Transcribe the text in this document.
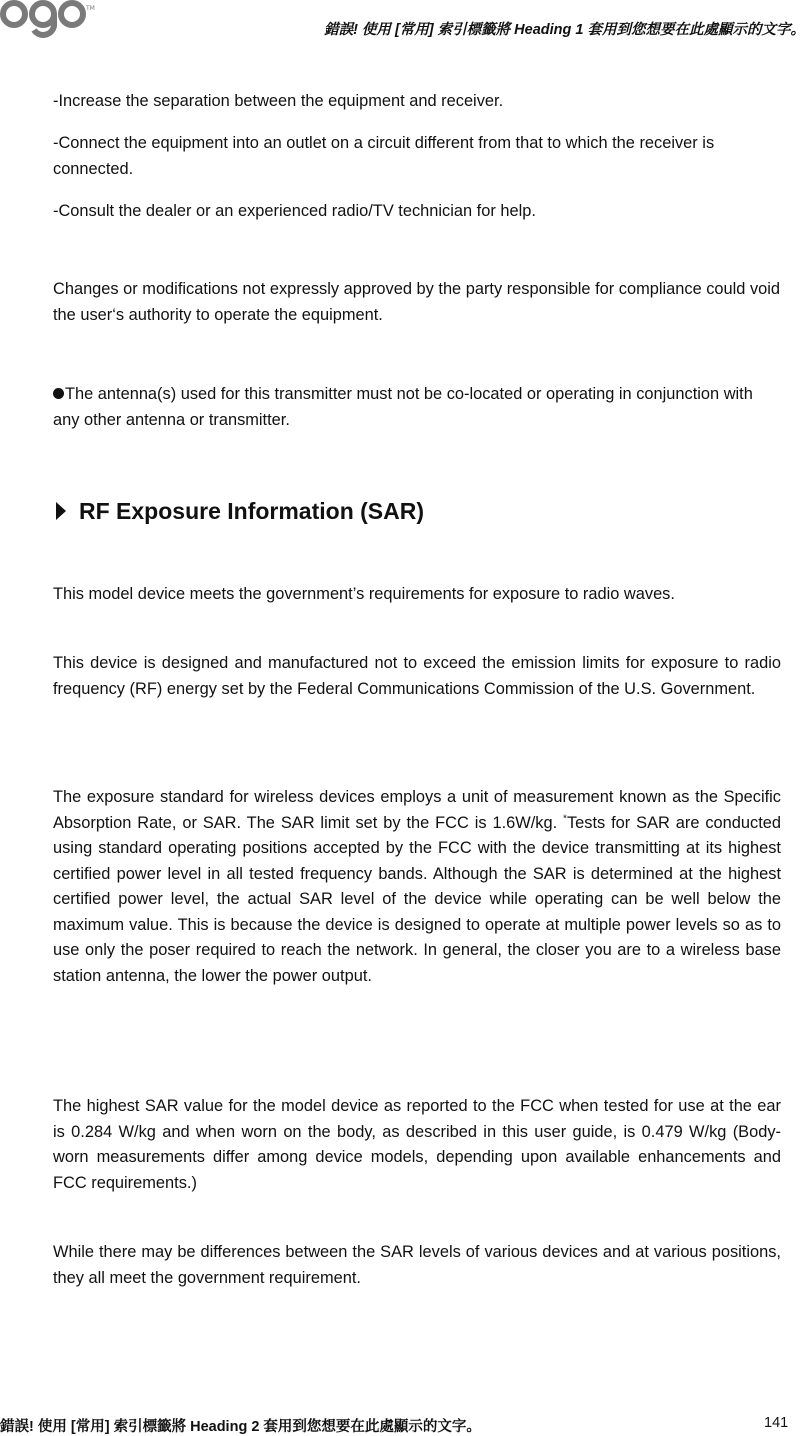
TM
ogo
錯誤! 使用 [常用] 索引標籤將 Heading 1 套用到您想要在此處顯示的文字。

-Increase the separation between the equipment and receiver.

-Connect the equipment into an outlet on a circuit different from that to which the receiver is connected.

-Consult the dealer or an experienced radio/TV technician for help.

Changes or modifications not expressly approved by the party responsible for compliance could void the user‘s authority to operate the equipment.

The antenna(s) used for this transmitter must not be co-located or operating in conjunction with any other antenna or transmitter.

RF Exposure Information (SAR)

This model device meets the government’s requirements for exposure to radio waves.

This device is designed and manufactured not to exceed the emission limits for exposure to radio frequency (RF) energy set by the Federal Communications Commission of the U.S. Government.

The exposure standard for wireless devices employs a unit of measurement known as the Specific Absorption Rate, or SAR. The SAR limit set by the FCC is 1.6W/kg. *Tests for SAR are conducted using standard operating positions accepted by the FCC with the device transmitting at its highest certified power level in all tested frequency bands. Although the SAR is determined at the highest certified power level, the actual SAR level of the device while operating can be well below the maximum value. This is because the device is designed to operate at multiple power levels so as to use only the poser required to reach the network. In general, the closer you are to a wireless base station antenna, the lower the power output.

The highest SAR value for the model device as reported to the FCC when tested for use at the ear is 0.284 W/kg and when worn on the body, as described in this user guide, is 0.479 W/kg (Body-worn measurements differ among device models, depending upon available enhancements and FCC requirements.)

While there may be differences between the SAR levels of various devices and at various positions, they all meet the government requirement.

錯誤! 使用 [常用] 索引標籤將 Heading 2 套用到您想要在此處顯示的文字。	141
